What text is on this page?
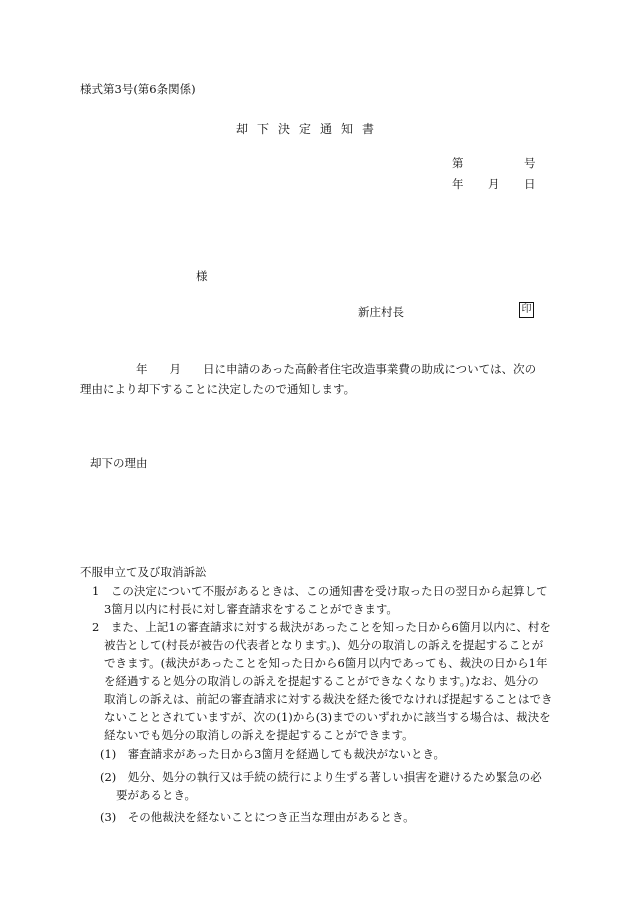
様式第3号(第6条関係)
却下決定通知書
第	号
年 月 日
様
新庄村長	印
年 月 日に申請のあった高齢者住宅改造事業費の助成については、次の
理由により却下することに決定したので通知します。
却下の理由
不服申立て及び取消訴訟
1　この決定について不服があるときは、この通知書を受け取った日の翌日から起算して
3箇月以内に村長に対し審査請求をすることができます。
2　また、上記1の審査請求に対する裁決があったことを知った日から6箇月以内に、村を
被告として(村長が被告の代表者となります。)、処分の取消しの訴えを提起することが
できます。(裁決があったことを知った日から6箇月以内であっても、裁決の日から1年
を経過すると処分の取消しの訴えを提起することができなくなります。)なお、処分の
取消しの訴えは、前記の審査請求に対する裁決を経た後でなければ提起することはでき
ないこととされていますが、次の(1)から(3)までのいずれかに該当する場合は、裁決を
経ないでも処分の取消しの訴えを提起することができます。
(1)　審査請求があった日から3箇月を経過しても裁決がないとき。
(2)　処分、処分の執行又は手続の続行により生ずる著しい損害を避けるため緊急の必
要があるとき。
(3)　その他裁決を経ないことにつき正当な理由があるとき。
